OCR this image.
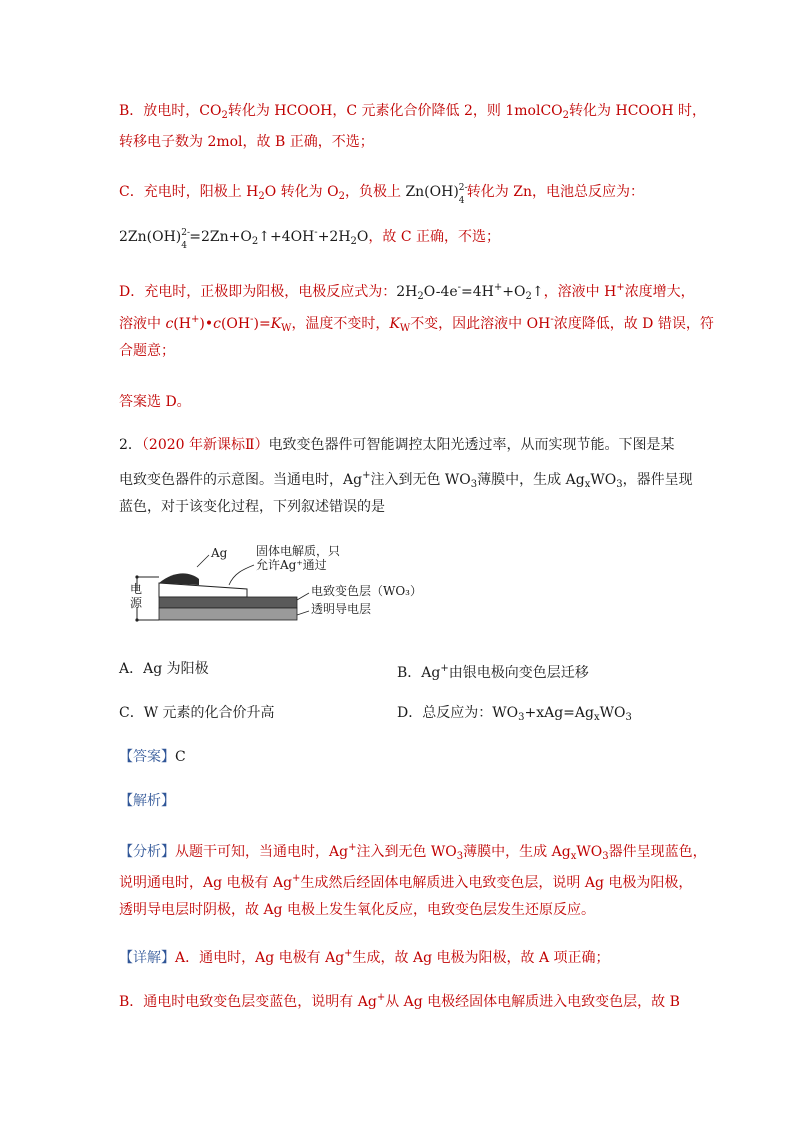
B．放电时，$CO_2$转化为 HCOOH，C 元素化合价降低 2，则 1molCO$_2$转化为 HCOOH 时，
转移电子数为 2mol，故 B 正确，不选；
C．充电时，阳极上 $H_2O$ 转化为 $O_2$，负极上 Zn(OH) 2-
4
转化为 Zn，电池总反应为：
2Zn(OH) 2-
4
$=2Zn+O_2↑+4OH^-+2H_2O$，故 C 正确，不选；
D．充电时，正极即为阳极，电极反应式为：$2H_2O-4e^-=4H^++O_2↑$，溶液中 H+浓度增大，
溶液中 $c(H^+)•c(OH^-)=K_W$，温度不变时，$K_W$不变，因此溶液中 OH-浓度降低，故 D 错误，符
合题意；
答案选 D。
2．（2020 年新课标Ⅱ）电致变色器件可智能调控太阳光透过率，从而实现节能。下图是某
电致变色器件的示意图。当通电时，Ag+注入到无色 $WO_3$薄膜中，生成 $Ag_xWO_3$，器件呈现
蓝色，对于该变化过程，下列叙述错误的是
电
源
Ag 固体电解质，只
允许Ag⁺通过
电致变色层（WO₃）
透明导电层
A．Ag 为阳极	B．Ag+由银电极向变色层迁移
C．W 元素的化合价升高	D．总反应为：$WO_3+xAg=Ag_xWO_3$
【答案】C
【解析】
【分析】从题干可知，当通电时，Ag+注入到无色 $WO_3$薄膜中，生成 $Ag_xWO_3$器件呈现蓝色，
说明通电时，Ag 电极有 Ag+生成然后经固体电解质进入电致变色层，说明 Ag 电极为阳极，
透明导电层时阴极，故 Ag 电极上发生氧化反应，电致变色层发生还原反应。
【详解】A．通电时，Ag 电极有 Ag+生成，故 Ag 电极为阳极，故 A 项正确；
B．通电时电致变色层变蓝色，说明有 Ag+从 Ag 电极经固体电解质进入电致变色层，故 B
